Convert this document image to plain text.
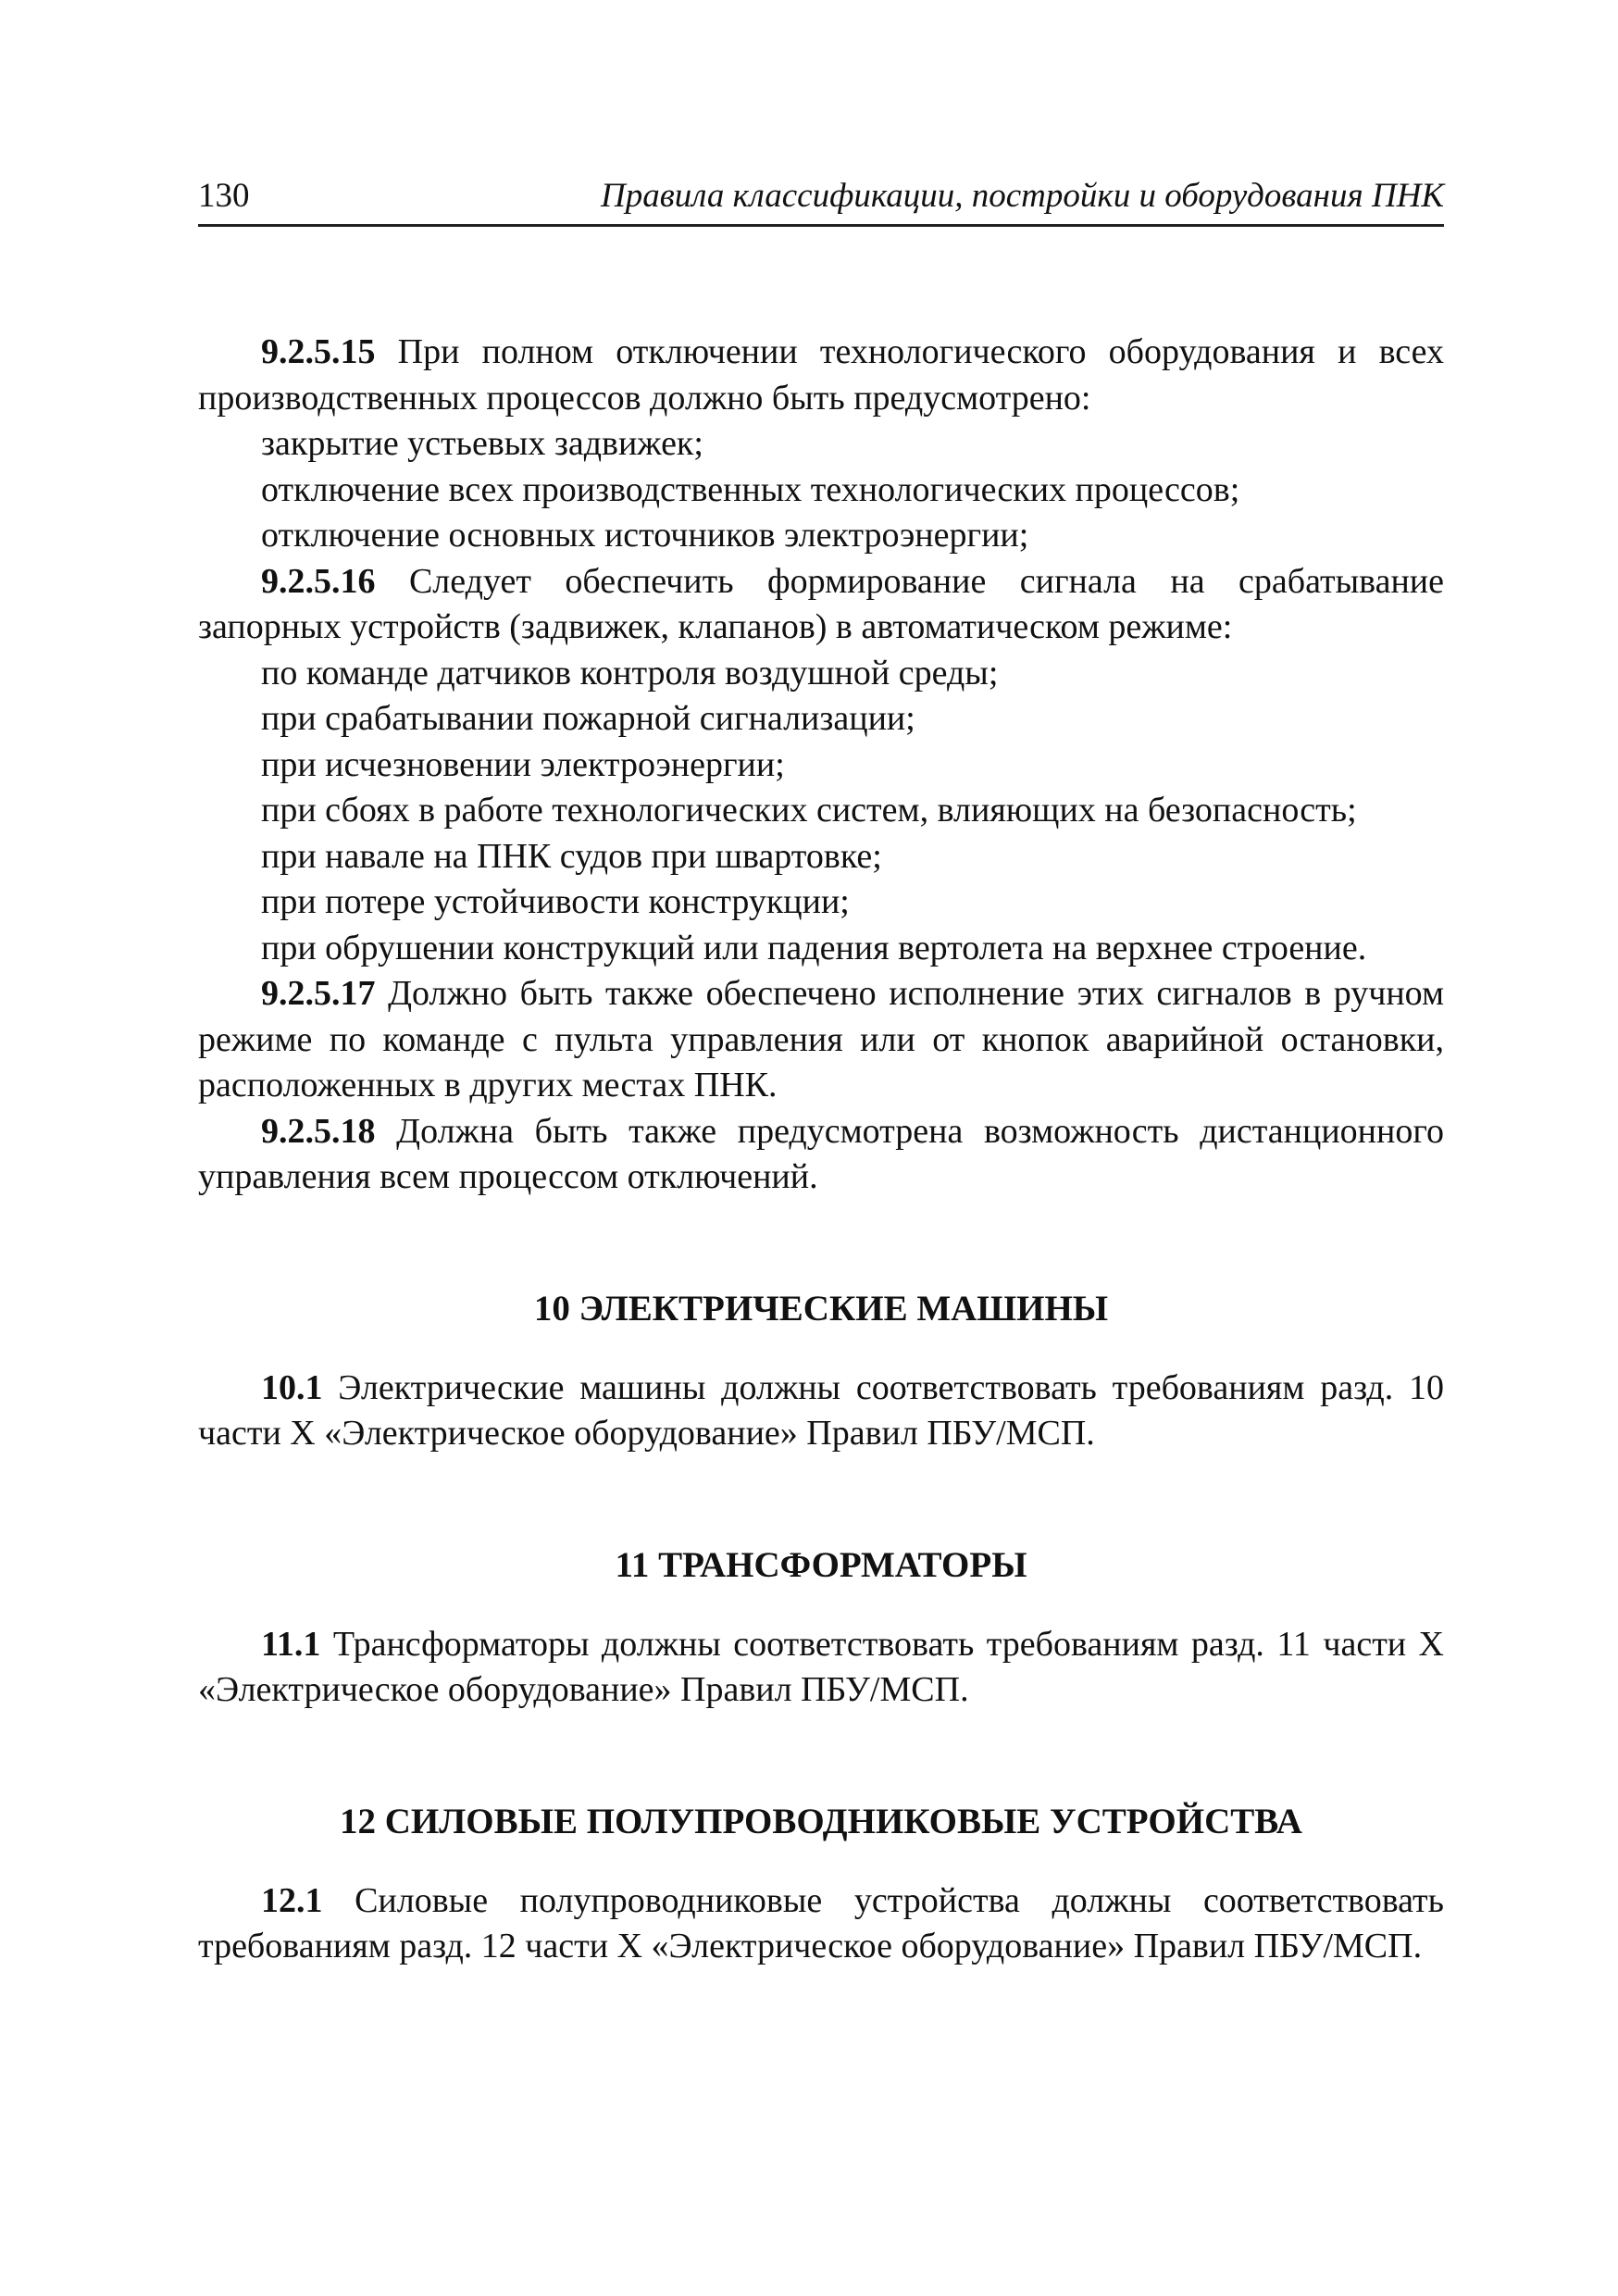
130	Правила классификации, постройки и оборудования ПНК

9.2.5.15 При полном отключении технологического оборудования и всех производственных процессов должно быть предусмотрено:

закрытие устьевых задвижек;

отключение всех производственных технологических процессов;

отключение основных источников электроэнергии;

9.2.5.16 Следует обеспечить формирование сигнала на срабатывание запорных устройств (задвижек, клапанов) в автоматическом режиме:

по команде датчиков контроля воздушной среды;

при срабатывании пожарной сигнализации;

при исчезновении электроэнергии;

при сбоях в работе технологических систем, влияющих на безопасность;

при навале на ПНК судов при швартовке;

при потере устойчивости конструкции;

при обрушении конструкций или падения вертолета на верхнее строение.

9.2.5.17 Должно быть также обеспечено исполнение этих сигналов в ручном режиме по команде с пульта управления или от кнопок аварийной остановки, расположенных в других местах ПНК.

9.2.5.18 Должна быть также предусмотрена возможность дистанционного управления всем процессом отключений.

10 ЭЛЕКТРИЧЕСКИЕ МАШИНЫ

10.1 Электрические машины должны соответствовать требованиям разд. 10 части X «Электрическое оборудование» Правил ПБУ/МСП.

11 ТРАНСФОРМАТОРЫ

11.1 Трансформаторы должны соответствовать требованиям разд. 11 части X «Электрическое оборудование» Правил ПБУ/МСП.

12 СИЛОВЫЕ ПОЛУПРОВОДНИКОВЫЕ УСТРОЙСТВА

12.1 Силовые полупроводниковые устройства должны соответствовать требованиям разд. 12 части X «Электрическое оборудование» Правил ПБУ/МСП.
